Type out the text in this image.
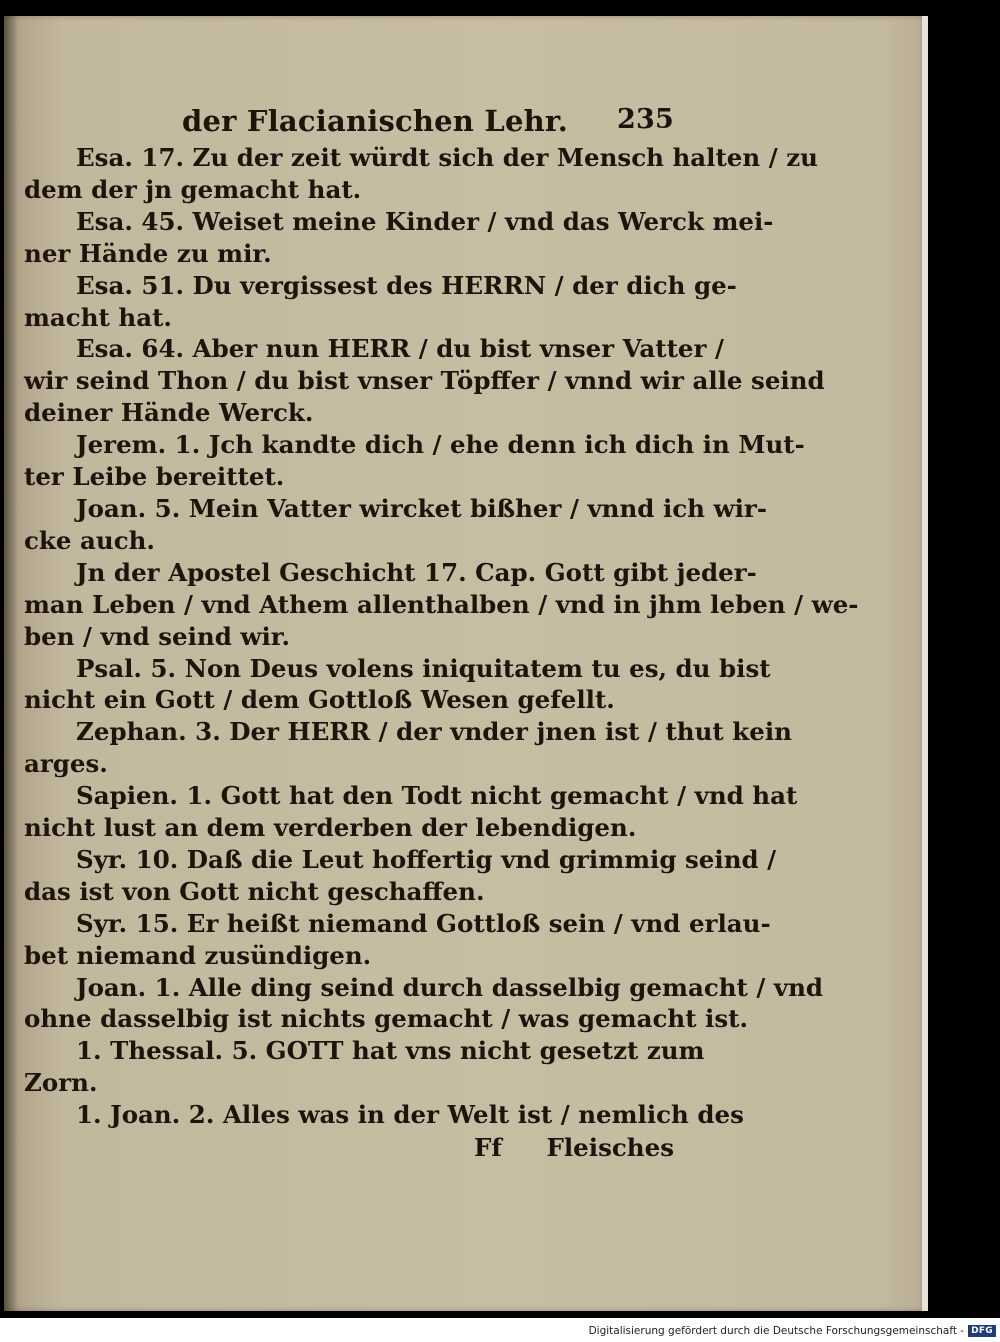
der Flacianischen Lehr. 235
Esa. 17. Zu der zeit würdt sich der Mensch halten / zu
dem der jn gemacht hat.
Esa. 45. Weiset meine Kinder / vnd das Werck mei-
ner Hände zu mir.
Esa. 51. Du vergissest des HERRN / der dich ge-
macht hat.
Esa. 64. Aber nun HERR / du bist vnser Vatter /
wir seind Thon / du bist vnser Töpffer / vnnd wir alle seind
deiner Hände Werck.
Jerem. 1. Jch kandte dich / ehe denn ich dich in Mut-
ter Leibe bereittet.
Joan. 5. Mein Vatter wircket bißher / vnnd ich wir-
cke auch.
Jn der Apostel Geschicht 17. Cap. Gott gibt jeder-
man Leben / vnd Athem allenthalben / vnd in jhm leben / we-
ben / vnd seind wir.
Psal. 5. Non Deus volens iniquitatem tu es, du bist
nicht ein Gott / dem Gottloß Wesen gefellt.
Zephan. 3. Der HERR / der vnder jnen ist / thut kein
arges.
Sapien. 1. Gott hat den Todt nicht gemacht / vnd hat
nicht lust an dem verderben der lebendigen.
Syr. 10. Daß die Leut hoffertig vnd grimmig seind /
das ist von Gott nicht geschaffen.
Syr. 15. Er heißt niemand Gottloß sein / vnd erlau-
bet niemand zusündigen.
Joan. 1. Alle ding seind durch dasselbig gemacht / vnd
ohne dasselbig ist nichts gemacht / was gemacht ist.
1. Thessal. 5. GOTT hat vns nicht gesetzt zum
Zorn.
1. Joan. 2. Alles was in der Welt ist / nemlich des
Ff Fleisches
Digitalisierung gefördert durch die Deutsche Forschungsgemeinschaft - DFG
